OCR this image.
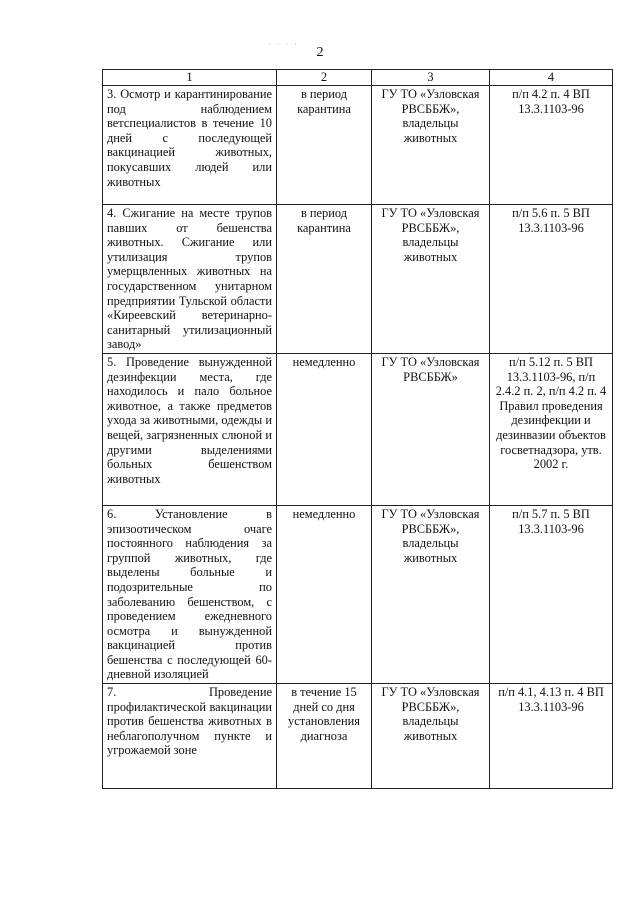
· · · ·
2
1	2	3	4
3. Осмотр и карантинирование под наблюдением ветспециалистов в течение 10 дней с последующей вакцинацией животных, покусавших людей или животных	в период карантина	ГУ ТО «Узловская РВСББЖ», владельцы животных	п/п 4.2 п. 4 ВП 13.3.1103-96
4. Сжигание на месте трупов павших от бешенства животных. Сжигание или утилизация трупов умерщвленных животных на государственном унитарном предприятии Тульской области «Киреевский ветеринарно-санитарный утилизационный завод»	в период карантина	ГУ ТО «Узловская РВСББЖ», владельцы животных	п/п 5.6 п. 5 ВП 13.3.1103-96
5. Проведение вынужденной дезинфекции места, где находилось и пало больное животное, а также предметов ухода за животными, одежды и вещей, загрязненных слюной и другими выделениями больных бешенством животных	немедленно	ГУ ТО «Узловская РВСББЖ»	п/п 5.12 п. 5 ВП 13.3.1103-96, п/п 2.4.2 п. 2, п/п 4.2 п. 4 Правил проведения дезинфекции и дезинвазии объектов госветнадзора, утв. 2002 г.
6. Установление в эпизоотическом очаге постоянного наблюдения за группой животных, где выделены больные и подозрительные по заболеванию бешенством, с проведением ежедневного осмотра и вынужденной вакцинацией против бешенства с последующей 60-дневной изоляцией	немедленно	ГУ ТО «Узловская РВСББЖ», владельцы животных	п/п 5.7 п. 5 ВП 13.3.1103-96
7. Проведение профилактической вакцинации против бешенства животных в неблагополучном пункте и угрожаемой зоне	в течение 15 дней со дня установления диагноза	ГУ ТО «Узловская РВСББЖ», владельцы животных	п/п 4.1, 4.13 п. 4 ВП 13.3.1103-96
